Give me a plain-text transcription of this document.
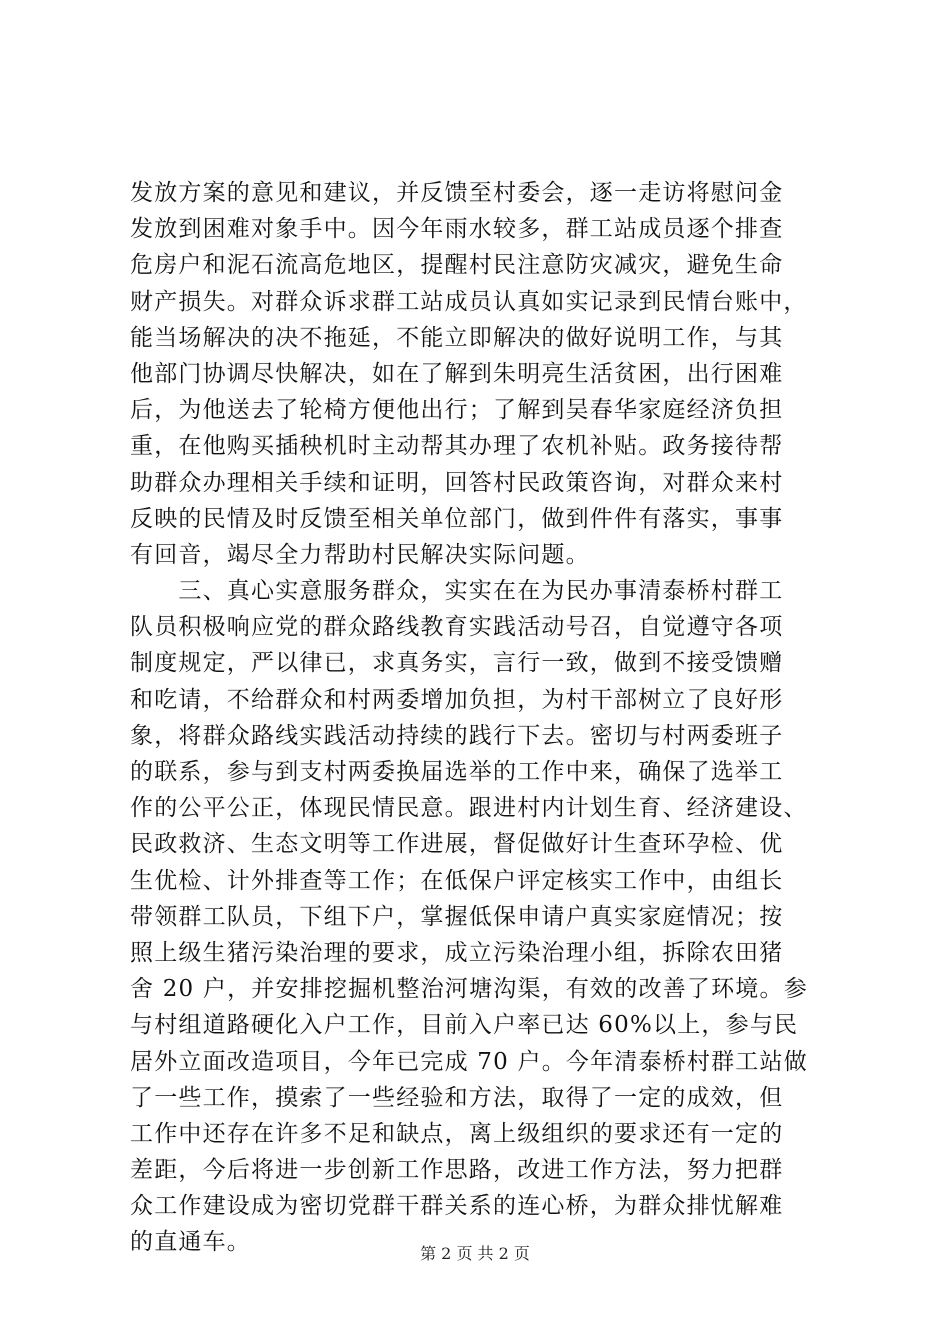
发放方案的意见和建议，并反馈至村委会，逐一走访将慰问金
发放到困难对象手中。因今年雨水较多，群工站成员逐个排查
危房户和泥石流高危地区，提醒村民注意防灾减灾，避免生命
财产损失。对群众诉求群工站成员认真如实记录到民情台账中，
能当场解决的决不拖延，不能立即解决的做好说明工作，与其
他部门协调尽快解决，如在了解到朱明亮生活贫困，出行困难
后，为他送去了轮椅方便他出行；了解到吴春华家庭经济负担
重，在他购买插秧机时主动帮其办理了农机补贴。政务接待帮
助群众办理相关手续和证明，回答村民政策咨询，对群众来村
反映的民情及时反馈至相关单位部门，做到件件有落实，事事
有回音，竭尽全力帮助村民解决实际问题。
　　三、真心实意服务群众，实实在在为民办事清泰桥村群工
队员积极响应党的群众路线教育实践活动号召，自觉遵守各项
制度规定，严以律已，求真务实，言行一致，做到不接受馈赠
和吃请，不给群众和村两委增加负担，为村干部树立了良好形
象，将群众路线实践活动持续的践行下去。密切与村两委班子
的联系，参与到支村两委换届选举的工作中来，确保了选举工
作的公平公正，体现民情民意。跟进村内计划生育、经济建设、
民政救济、生态文明等工作进展，督促做好计生查环孕检、优
生优检、计外排查等工作；在低保户评定核实工作中，由组长
带领群工队员，下组下户，掌握低保申请户真实家庭情况；按
照上级生猪污染治理的要求，成立污染治理小组，拆除农田猪
舍 20 户，并安排挖掘机整治河塘沟渠，有效的改善了环境。参
与村组道路硬化入户工作，目前入户率已达 60%以上，参与民
居外立面改造项目，今年已完成 70 户。今年清泰桥村群工站做
了一些工作，摸索了一些经验和方法，取得了一定的成效，但
工作中还存在许多不足和缺点，离上级组织的要求还有一定的
差距，今后将进一步创新工作思路，改进工作方法，努力把群
众工作建设成为密切党群干群关系的连心桥，为群众排忧解难
的直通车。	第 2 页 共 2 页
